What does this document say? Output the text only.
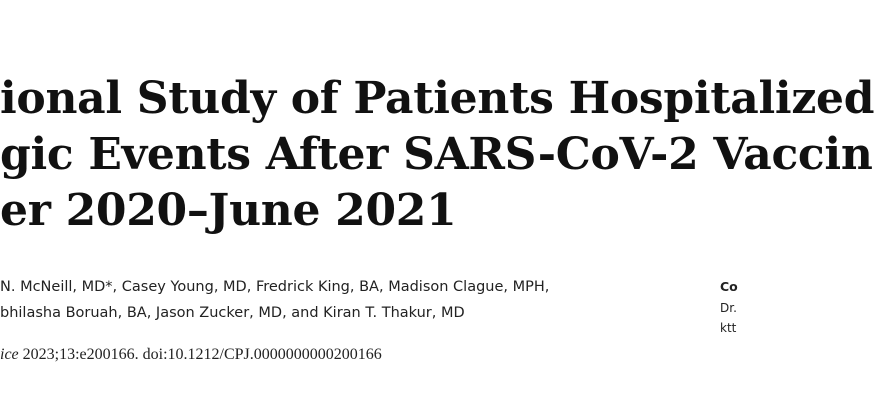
ional Study of Patients Hospitalized
gic Events After SARS-CoV-2 Vaccin
er 2020–June 2021
N. McNeill, MD*, Casey Young, MD, Fredrick King, BA, Madison Clague, MPH,
bhilasha Boruah, BA, Jason Zucker, MD, and Kiran T. Thakur, MD
ice 2023;13:e200166. doi:10.1212/CPJ.0000000000200166
Co
Dr.
ktt
